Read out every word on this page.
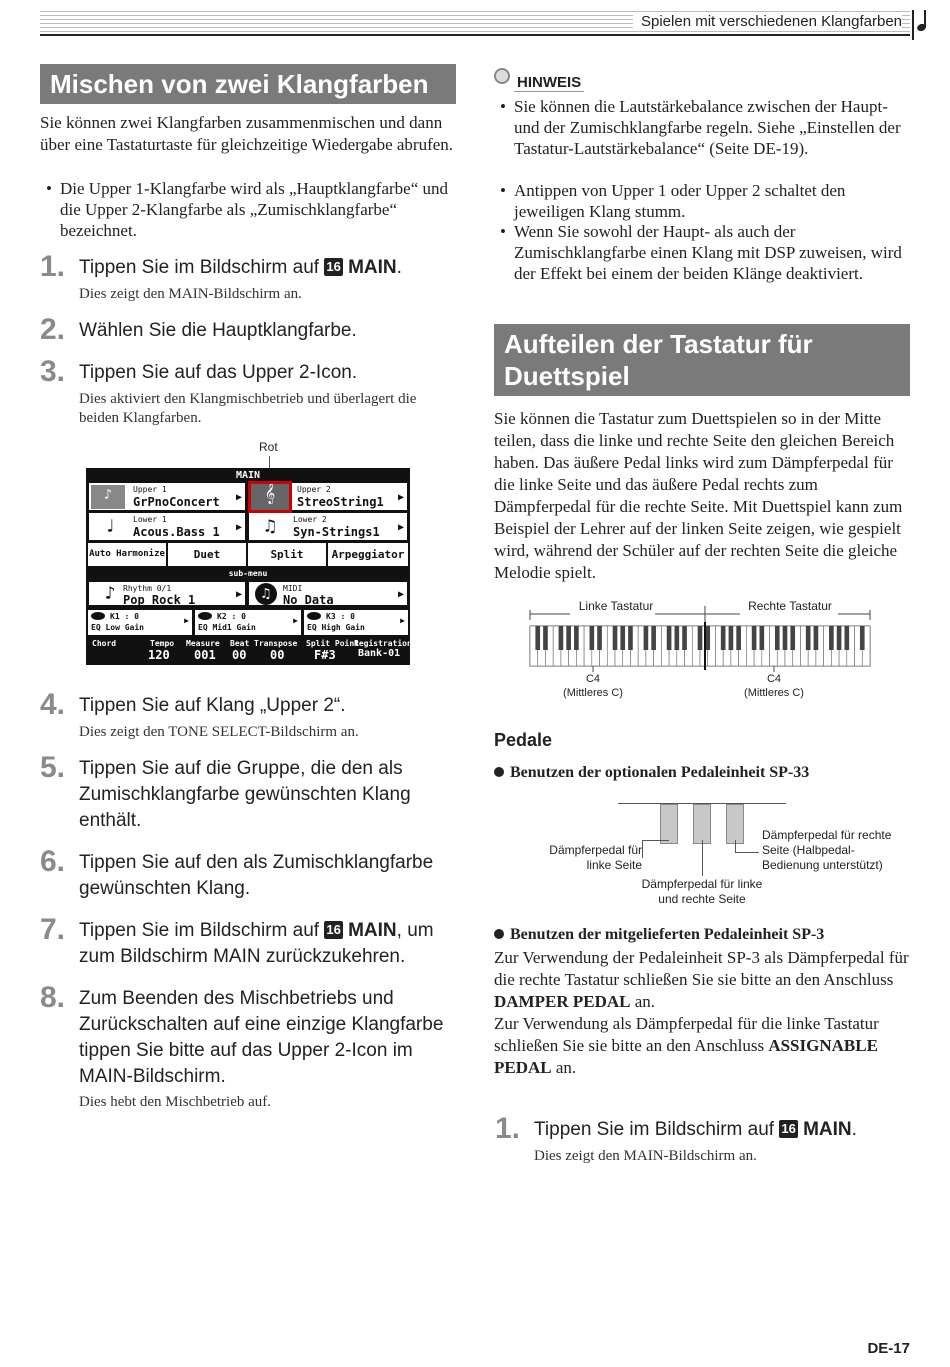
Spielen mit verschiedenen Klangfarben
Mischen von zwei Klangfarben
Sie können zwei Klangfarben zusammenmischen und dann über eine Tastaturtaste für gleichzeitige Wiedergabe abrufen.
• Die Upper 1-Klangfarbe wird als „Hauptklangfarbe“ und die Upper 2-Klangfarbe als „Zumischklangfarbe“ bezeichnet.
1. Tippen Sie im Bildschirm auf 16 MAIN.
Dies zeigt den MAIN-Bildschirm an.
2. Wählen Sie die Hauptklangfarbe.
3. Tippen Sie auf das Upper 2-Icon.
Dies aktiviert den Klangmischbetrieb und überlagert die beiden Klangfarben.
Rot
MAIN
♪	Upper 1
GrPnoConcert ▶	𝄞	Upper 2
StreoString1 ▶
♩	Lower 1
Acous.Bass 1 ▶	♫	Lower 2
Syn-Strings1 ▶
Auto Harmonize	Duet	Split	Arpeggiator
sub-menu
♪ Rhythm 0/1
Pop Rock 1	▶	♫	MIDI
No Data	▶
K1 : 0
EQ Low Gain
▶	K2 : 0
EQ Mid1 Gain
▶	K3 : 0
EQ High Gain
▶
Chord	Tempo
120
Measure
001
Beat
00
Transpose
00
Split Point
F#3
Registration
Bank-01
4. Tippen Sie auf Klang „Upper 2“.
Dies zeigt den TONE SELECT-Bildschirm an.
5. Tippen Sie auf die Gruppe, die den als Zumischklangfarbe gewünschten Klang enthält.
6. Tippen Sie auf den als Zumischklangfarbe gewünschten Klang.
7. Tippen Sie im Bildschirm auf 16 MAIN, um zum Bildschirm MAIN zurückzukehren.
8. Zum Beenden des Mischbetriebs und Zurückschalten auf eine einzige Klangfarbe tippen Sie bitte auf das Upper 2-Icon im MAIN-Bildschirm.
Dies hebt den Mischbetrieb auf.
HINWEIS
• Sie können die Lautstärkebalance zwischen der Haupt- und der Zumischklangfarbe regeln. Siehe „Einstellen der Tastatur-Lautstärkebalance“ (Seite DE-19).
• Antippen von Upper 1 oder Upper 2 schaltet den jeweiligen Klang stumm.
• Wenn Sie sowohl der Haupt- als auch der Zumischklangfarbe einen Klang mit DSP zuweisen, wird der Effekt bei einem der beiden Klänge deaktiviert.
Aufteilen der Tastatur für Duettspiel
Sie können die Tastatur zum Duettspielen so in der Mitte teilen, dass die linke und rechte Seite den gleichen Bereich haben. Das äußere Pedal links wird zum Dämpferpedal für die linke Seite und das äußere Pedal rechts zum Dämpferpedal für die rechte Seite. Mit Duettspiel kann zum Beispiel der Lehrer auf der linken Seite zeigen, wie gespielt wird, während der Schüler auf der rechten Seite die gleiche Melodie spielt.
Linke Tastatur	Rechte Tastatur
C4
(Mittleres C)
C4
(Mittleres C)
Pedale
Benutzen der optionalen Pedaleinheit SP-33
Dämpferpedal für linke Seite
Dämpferpedal für linke und rechte Seite
Dämpferpedal für rechte Seite (Halbpedal-Bedienung unterstützt)
Benutzen der mitgelieferten Pedaleinheit SP-3
Zur Verwendung der Pedaleinheit SP-3 als Dämpferpedal für die rechte Tastatur schließen Sie sie bitte an den Anschluss DAMPER PEDAL an.
Zur Verwendung als Dämpferpedal für die linke Tastatur schließen Sie sie bitte an den Anschluss ASSIGNABLE PEDAL an.
1. Tippen Sie im Bildschirm auf 16 MAIN.
Dies zeigt den MAIN-Bildschirm an.
DE-17
